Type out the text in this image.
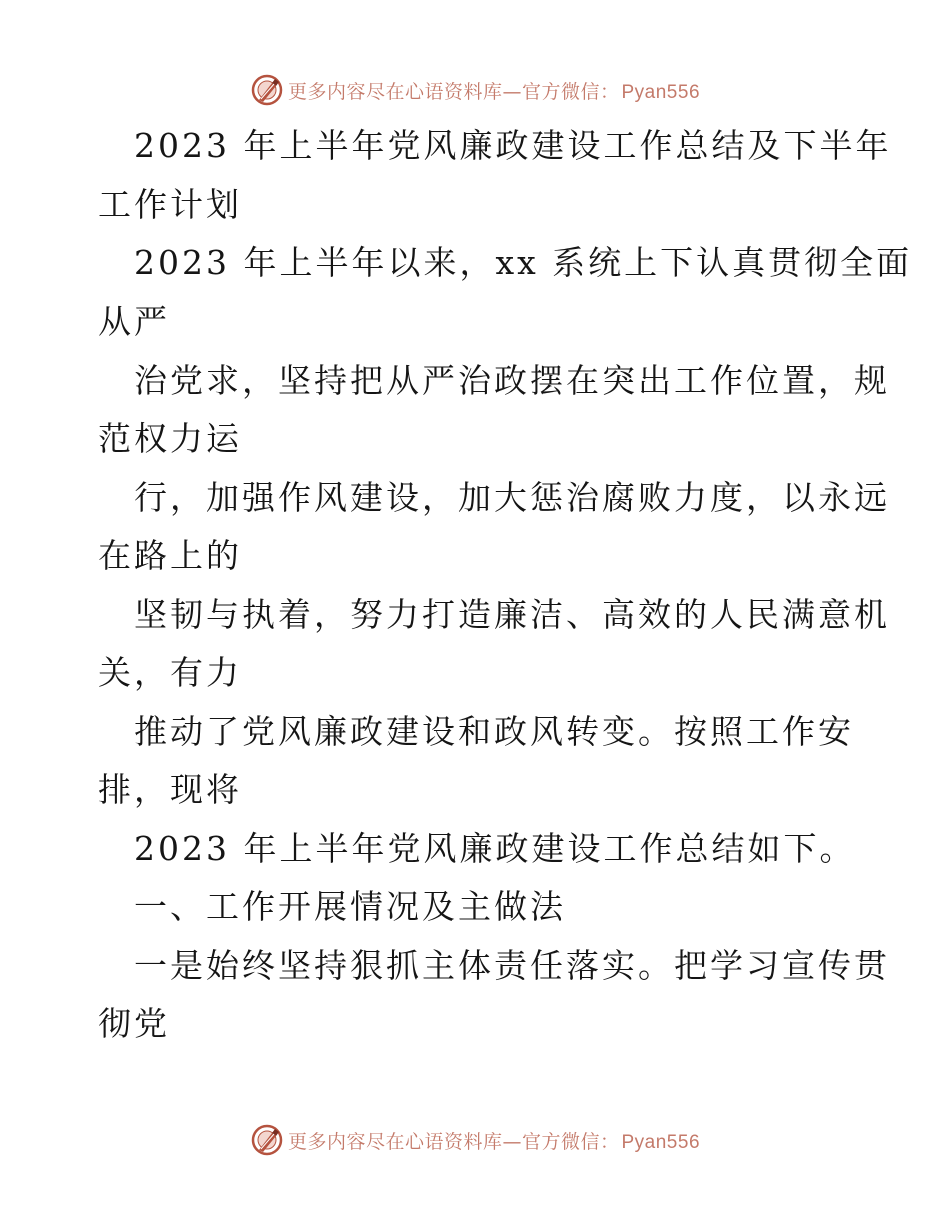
更多内容尽在心语资料库—官方微信： Pyan556
2023 年上半年党风廉政建设工作总结及下半年
工作计划
2023 年上半年以来，xx 系统上下认真贯彻全面
从严
治党求，坚持把从严治政摆在突出工作位置，规
范权力运
行，加强作风建设，加大惩治腐败力度，以永远
在路上的
坚韧与执着，努力打造廉洁、高效的人民满意机
关，有力
推动了党风廉政建设和政风转变。按照工作安
排，现将
2023 年上半年党风廉政建设工作总结如下。
一、工作开展情况及主做法
一是始终坚持狠抓主体责任落实。把学习宣传贯
彻党
更多内容尽在心语资料库—官方微信： Pyan556
